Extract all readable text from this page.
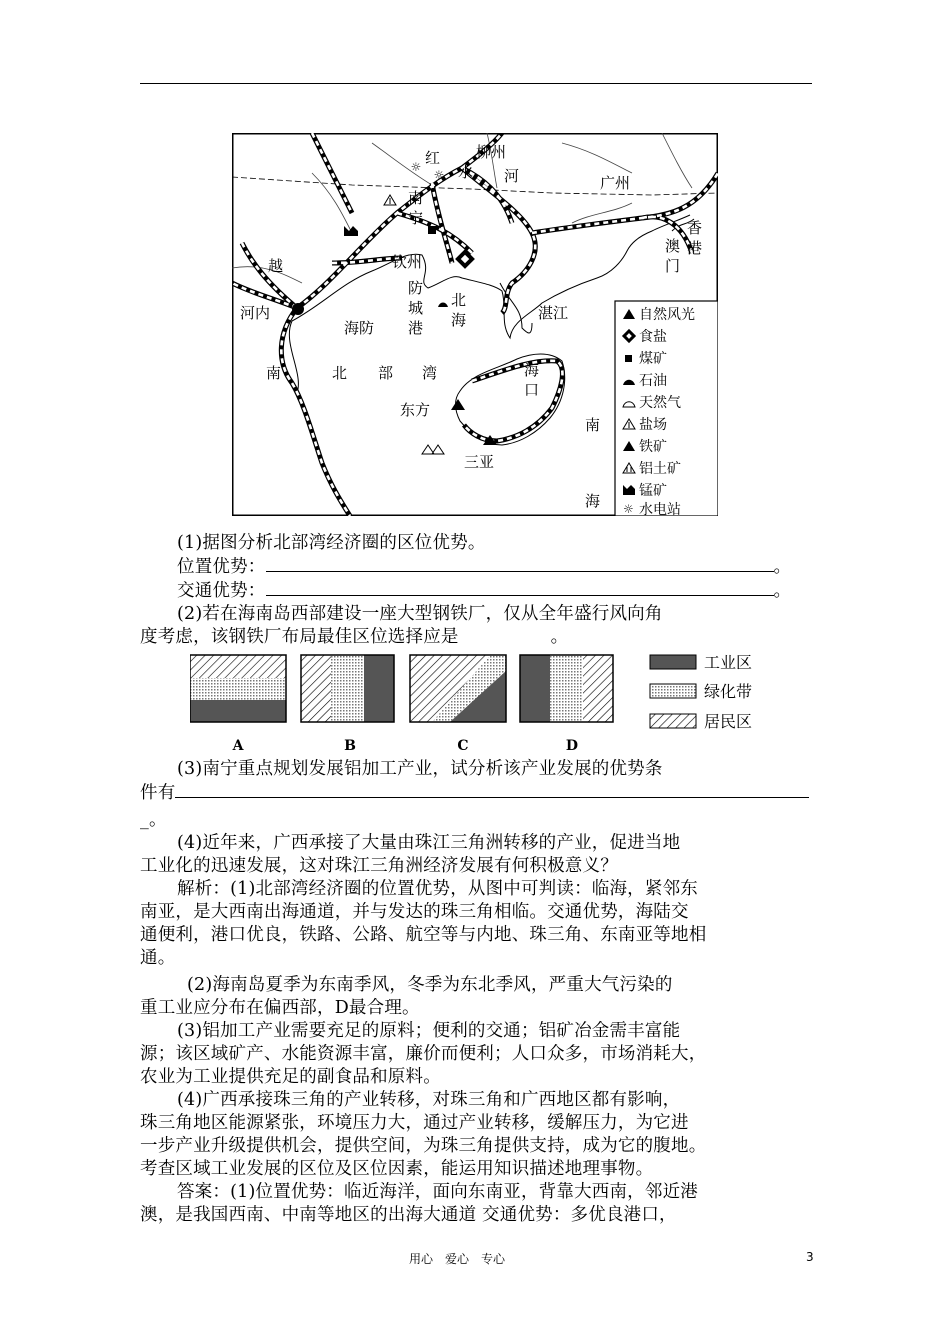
☼
☼
红
水
柳州
河	广州
南
宁
越	钦州
澳
门
香
港
防
城
港
北
海	湛江
河内
海防
南	北 部 湾	海
口
东方
三亚
南
海
自然风光
食盐
煤矿
石油
天然气
盐场
铁矿
铝土矿
锰矿
☼ 水电站

(1)据图分析北部湾经济圈的区位优势。

位置优势：	。

交通优势：	。

(2)若在海南岛西部建设一座大型钢铁厂，仅从全年盛行风向角

度考虑，该钢铁厂布局最佳区位选择应是	。

A	B	C	D
工业区
绿化带
居民区

(3)南宁重点规划发展铝加工产业，试分析该产业发展的优势条

件有

_。

(4)近年来，广西承接了大量由珠江三角洲转移的产业，促进当地

工业化的迅速发展，这对珠江三角洲经济发展有何积极意义？

解析：(1)北部湾经济圈的位置优势，从图中可判读：临海，紧邻东

南亚，是大西南出海通道，并与发达的珠三角相临。交通优势，海陆交

通便利，港口优良，铁路、公路、航空等与内地、珠三角、东南亚等地相

通。

(2)海南岛夏季为东南季风，冬季为东北季风，严重大气污染的

重工业应分布在偏西部，D最合理。

(3)铝加工产业需要充足的原料；便利的交通；铝矿冶金需丰富能

源；该区域矿产、水能资源丰富，廉价而便利；人口众多，市场消耗大，

农业为工业提供充足的副食品和原料。

(4)广西承接珠三角的产业转移，对珠三角和广西地区都有影响，

珠三角地区能源紧张，环境压力大，通过产业转移，缓解压力，为它进

一步产业升级提供机会，提供空间，为珠三角提供支持，成为它的腹地。

考查区域工业发展的区位及区位因素，能运用知识描述地理事物。

答案：(1)位置优势：临近海洋，面向东南亚，背靠大西南，邻近港

澳，是我国西南、中南等地区的出海大通道 交通优势：多优良港口，

用心　爱心　专心	3
